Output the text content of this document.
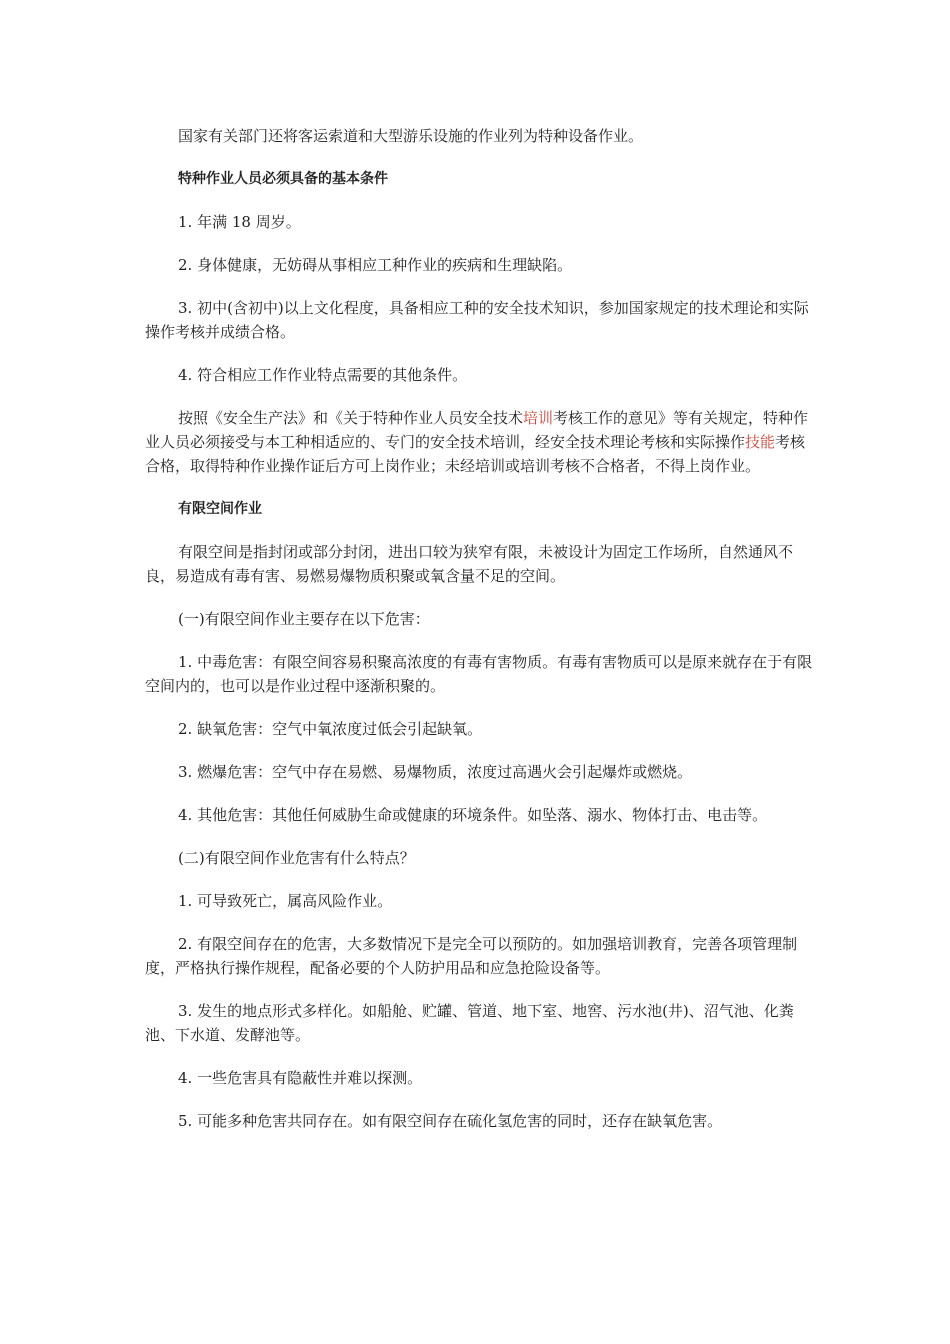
国家有关部门还将客运索道和大型游乐设施的作业列为特种设备作业。

特种作业人员必须具备的基本条件

1. 年满 18 周岁。

2. 身体健康，无妨碍从事相应工种作业的疾病和生理缺陷。

3. 初中(含初中)以上文化程度，具备相应工种的安全技术知识，参加国家规定的技术理论和实际操作考核并成绩合格。

4. 符合相应工作作业特点需要的其他条件。

按照《安全生产法》和《关于特种作业人员安全技术培训考核工作的意见》等有关规定，特种作业人员必须接受与本工种相适应的、专门的安全技术培训，经安全技术理论考核和实际操作技能考核合格，取得特种作业操作证后方可上岗作业；未经培训或培训考核不合格者，不得上岗作业。

有限空间作业

有限空间是指封闭或部分封闭，进出口较为狭窄有限，未被设计为固定工作场所，自然通风不良，易造成有毒有害、易燃易爆物质积聚或氧含量不足的空间。

(一)有限空间作业主要存在以下危害：

1. 中毒危害：有限空间容易积聚高浓度的有毒有害物质。有毒有害物质可以是原来就存在于有限空间内的，也可以是作业过程中逐渐积聚的。

2. 缺氧危害：空气中氧浓度过低会引起缺氧。

3. 燃爆危害：空气中存在易燃、易爆物质，浓度过高遇火会引起爆炸或燃烧。

4. 其他危害：其他任何威胁生命或健康的环境条件。如坠落、溺水、物体打击、电击等。

(二)有限空间作业危害有什么特点？

1. 可导致死亡，属高风险作业。

2. 有限空间存在的危害，大多数情况下是完全可以预防的。如加强培训教育，完善各项管理制度，严格执行操作规程，配备必要的个人防护用品和应急抢险设备等。

3. 发生的地点形式多样化。如船舱、贮罐、管道、地下室、地窖、污水池(井)、沼气池、化粪池、下水道、发酵池等。

4. 一些危害具有隐蔽性并难以探测。

5. 可能多种危害共同存在。如有限空间存在硫化氢危害的同时，还存在缺氧危害。
